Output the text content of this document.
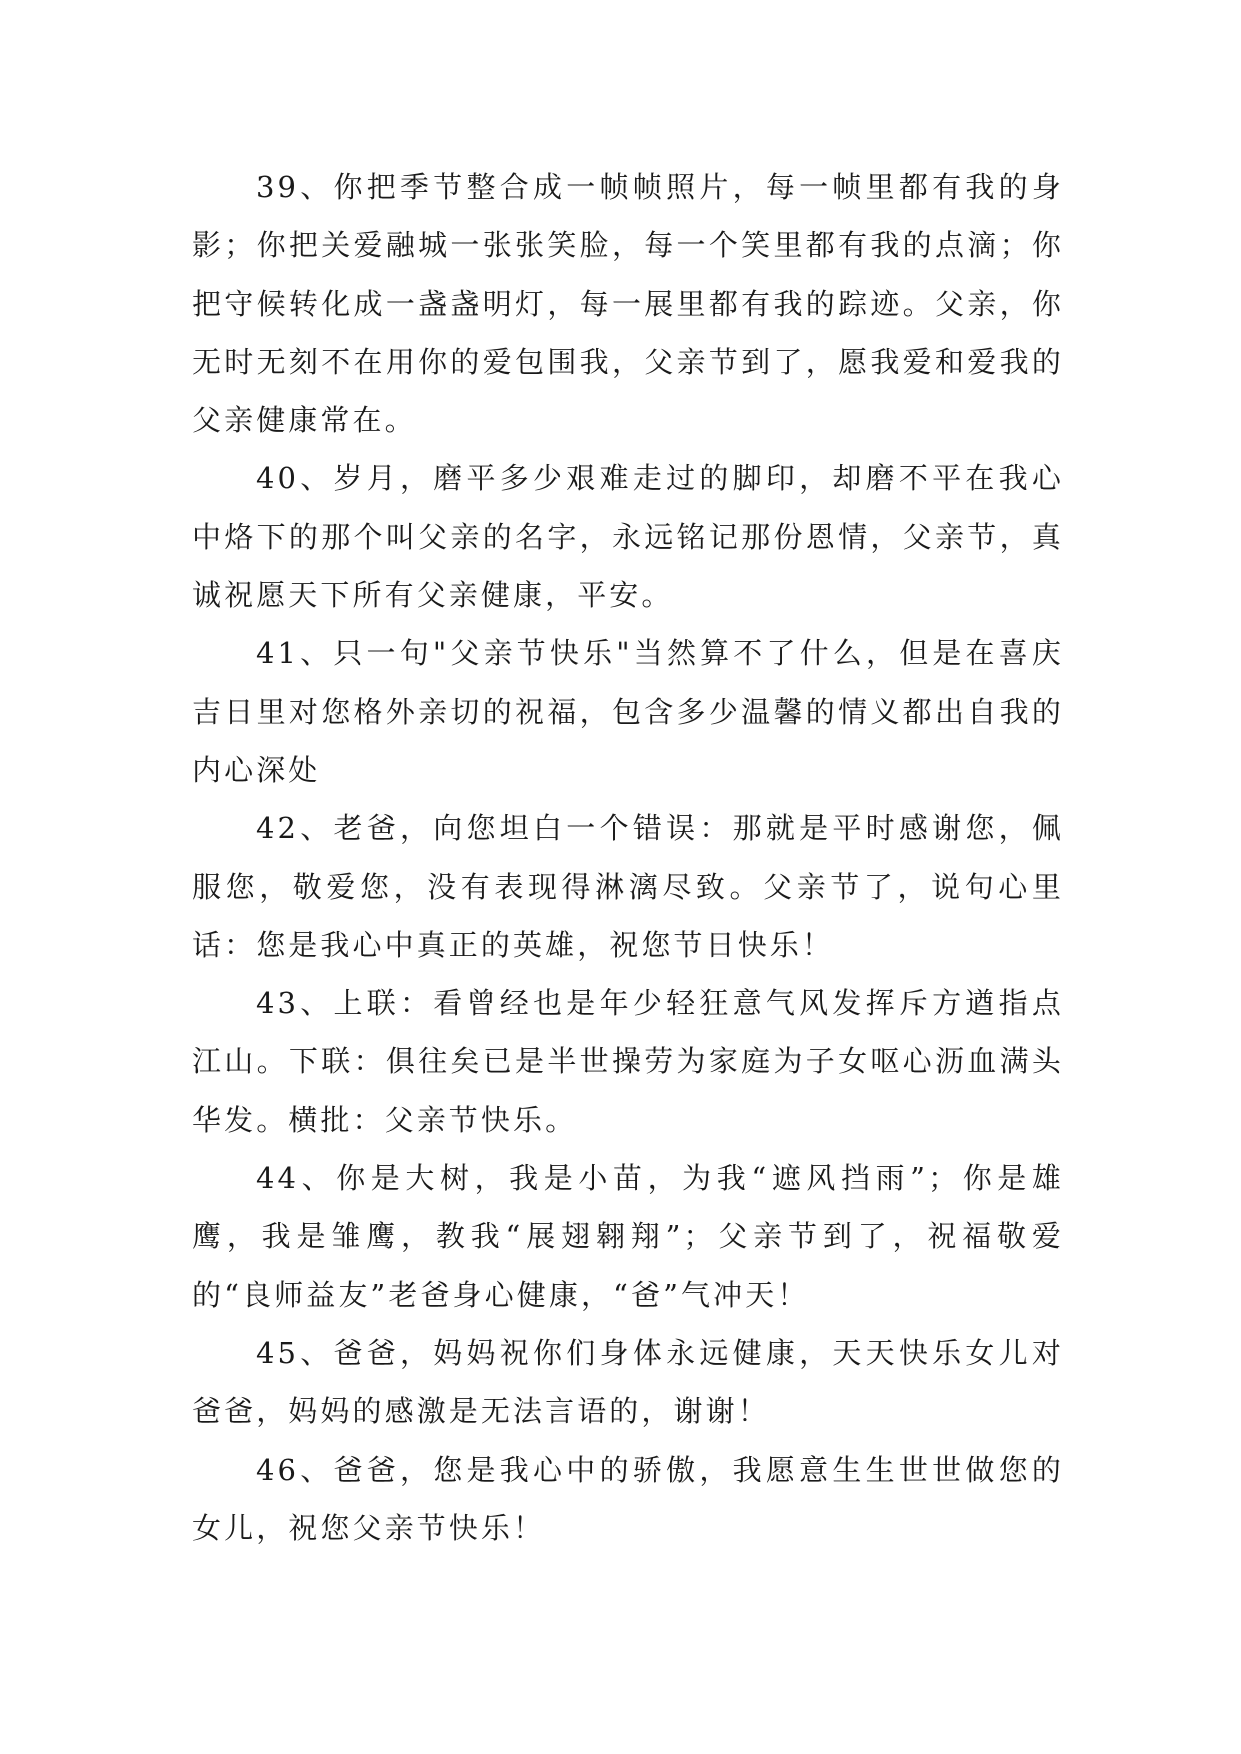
39、你把季节整合成一帧帧照片，每一帧里都有我的身影；你把关爱融城一张张笑脸，每一个笑里都有我的点滴；你把守候转化成一盏盏明灯，每一展里都有我的踪迹。父亲，你无时无刻不在用你的爱包围我，父亲节到了，愿我爱和爱我的父亲健康常在。

40、岁月，磨平多少艰难走过的脚印，却磨不平在我心中烙下的那个叫父亲的名字，永远铭记那份恩情，父亲节，真诚祝愿天下所有父亲健康，平安。

41、只一句"父亲节快乐"当然算不了什么，但是在喜庆吉日里对您格外亲切的祝福，包含多少温馨的情义都出自我的内心深处

42、老爸，向您坦白一个错误：那就是平时感谢您，佩服您，敬爱您，没有表现得淋漓尽致。父亲节了，说句心里话：您是我心中真正的英雄，祝您节日快乐！

43、上联：看曾经也是年少轻狂意气风发挥斥方遒指点江山。下联：俱往矣已是半世操劳为家庭为子女呕心沥血满头华发。横批：父亲节快乐。

44、你是大树，我是小苗，为我“遮风挡雨”；你是雄鹰，我是雏鹰，教我“展翅翱翔”；父亲节到了，祝福敬爱的“良师益友”老爸身心健康，“爸”气冲天！

45、爸爸，妈妈祝你们身体永远健康，天天快乐女儿对爸爸，妈妈的感激是无法言语的，谢谢！

46、爸爸，您是我心中的骄傲，我愿意生生世世做您的女儿，祝您父亲节快乐！
